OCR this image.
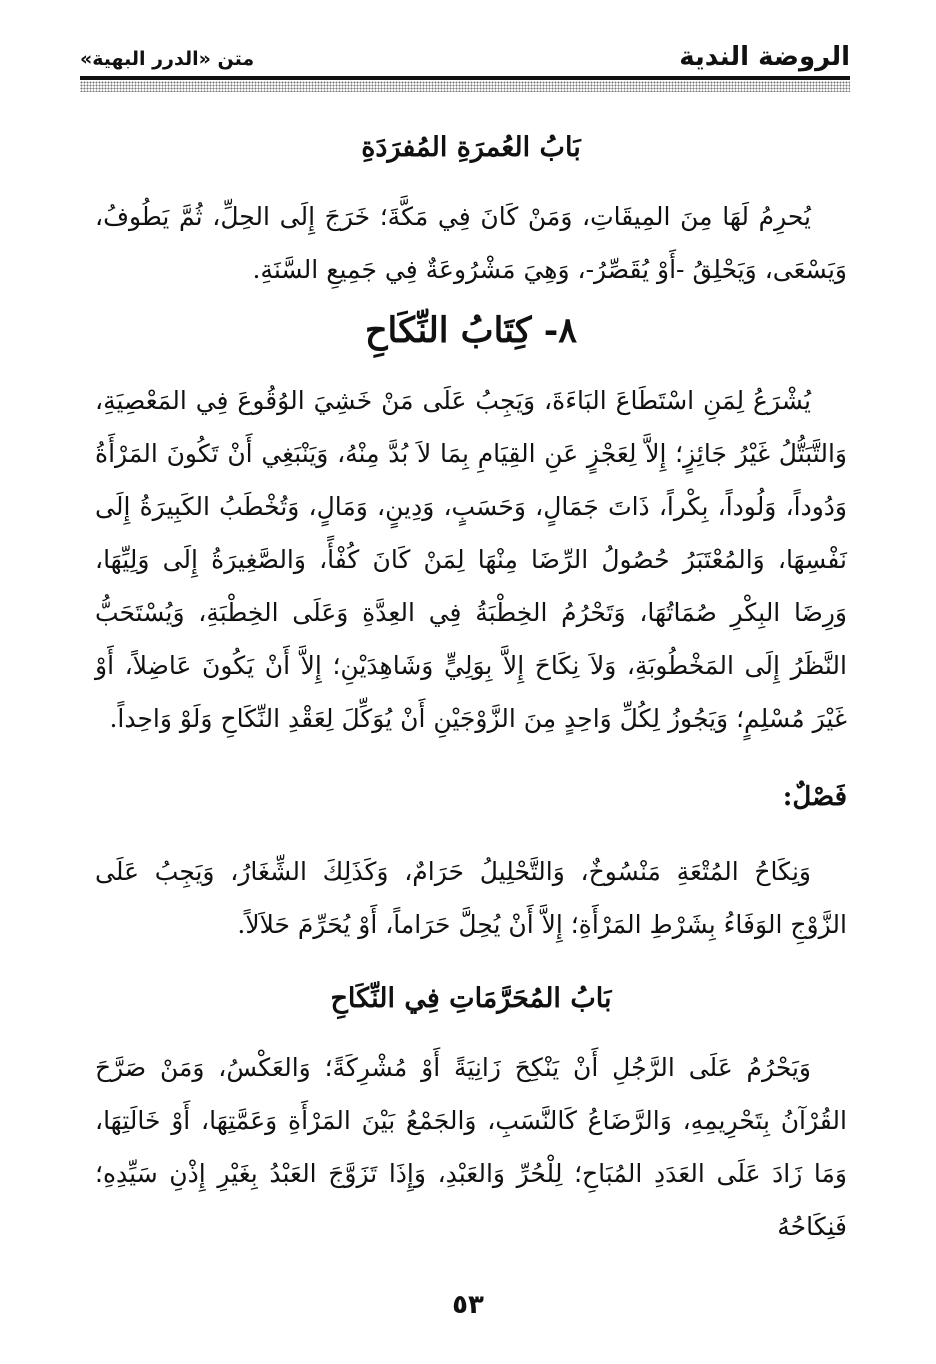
الروضة الندية
متن «الدرر البهية»
بَابُ العُمرَةِ المُفرَدَةِ

يُحرِمُ لَهَا مِنَ المِيقَاتِ، وَمَنْ كَانَ فِي مَكَّةَ؛ خَرَجَ إِلَى الحِلِّ، ثُمَّ يَطُوفُ، وَيَسْعَى، وَيَحْلِقُ -أَوْ يُقَصِّرُ-، وَهِيَ مَشْرُوعَةٌ فِي جَمِيعِ السَّنَةِ.

٨- كِتَابُ النِّكَاحِ

يُشْرَعُ لِمَنِ اسْتَطَاعَ البَاءَةَ، وَيَجِبُ عَلَى مَنْ خَشِيَ الوُقُوعَ فِي المَعْصِيَةِ، وَالتَّبَتُّلُ غَيْرُ جَائِزٍ؛ إِلاَّ لِعَجْزٍ عَنِ القِيَامِ بِمَا لاَ بُدَّ مِنْهُ، وَيَنْبَغِي أَنْ تَكُونَ المَرْأَةُ وَدُوداً، وَلُوداً، بِكْراً، ذَاتَ جَمَالٍ، وَحَسَبٍ، وَدِينٍ، وَمَالٍ، وَتُخْطَبُ الكَبِيرَةُ إِلَى نَفْسِهَا، وَالمُعْتَبَرُ حُصُولُ الرِّضَا مِنْهَا لِمَنْ كَانَ كُفْأً، وَالصَّغِيرَةُ إِلَى وَلِيِّهَا، وَرِضَا البِكْرِ صُمَاتُهَا، وَتَحْرُمُ الخِطْبَةُ فِي العِدَّةِ وَعَلَى الخِطْبَةِ، وَيُسْتَحَبُّ النَّظَرُ إِلَى المَخْطُوبَةِ، وَلاَ نِكَاحَ إِلاَّ بِوَلِيٍّ وَشَاهِدَيْنِ؛ إِلاَّ أَنْ يَكُونَ عَاضِلاً، أَوْ غَيْرَ مُسْلِمٍ؛ وَيَجُوزُ لِكُلِّ وَاحِدٍ مِنَ الزَّوْجَيْنِ أَنْ يُوَكِّلَ لِعَقْدِ النِّكَاحِ وَلَوْ وَاحِداً.

فَصْلٌ:

وَنِكَاحُ المُتْعَةِ مَنْسُوخٌ، وَالتَّحْلِيلُ حَرَامٌ، وَكَذَلِكَ الشِّغَارُ، وَيَجِبُ عَلَى الزَّوْجِ الوَفَاءُ بِشَرْطِ المَرْأَةِ؛ إِلاَّ أَنْ يُحِلَّ حَرَاماً، أَوْ يُحَرِّمَ حَلاَلاً.

بَابُ المُحَرَّمَاتِ فِي النِّكَاحِ

وَيَحْرُمُ عَلَى الرَّجُلِ أَنْ يَنْكِحَ زَانِيَةً أَوْ مُشْرِكَةً؛ وَالعَكْسُ، وَمَنْ صَرَّحَ القُرْآنُ بِتَحْرِيمِهِ، وَالرَّضَاعُ كَالنَّسَبِ، وَالجَمْعُ بَيْنَ المَرْأَةِ وَعَمَّتِهَا، أَوْ خَالَتِهَا، وَمَا زَادَ عَلَى العَدَدِ المُبَاحِ؛ لِلْحُرِّ وَالعَبْدِ، وَإِذَا تَزَوَّجَ العَبْدُ بِغَيْرِ إِذْنِ سَيِّدِهِ؛ فَنِكَاحُهُ

٥٣
